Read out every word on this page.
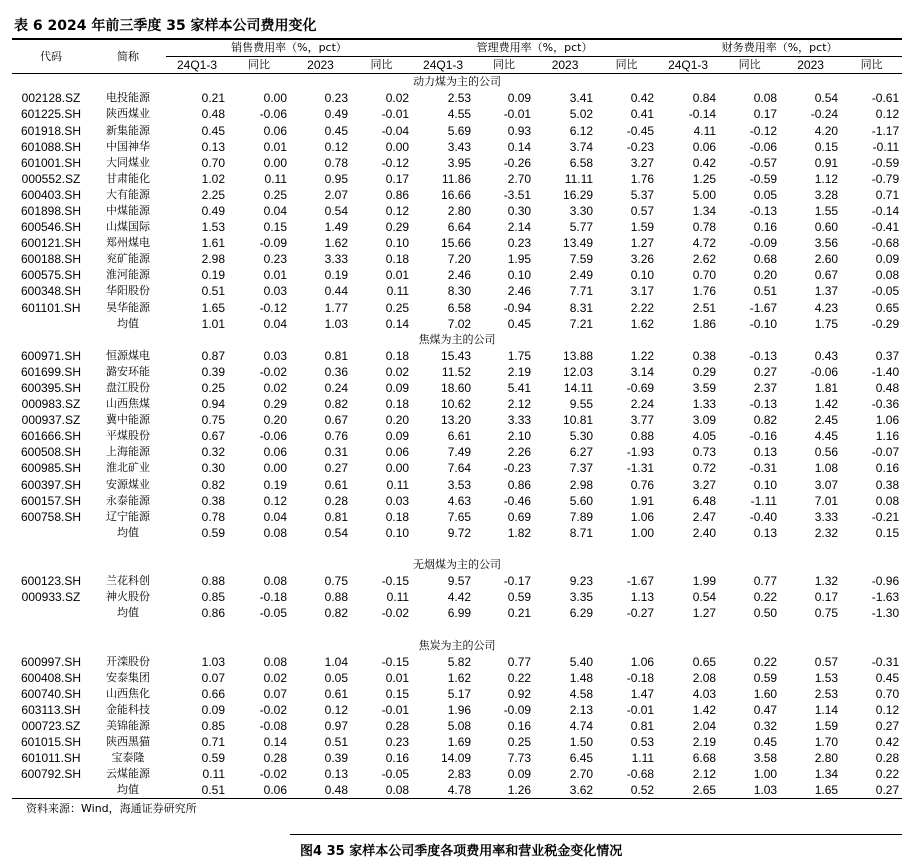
表 6 2024 年前三季度 35 家样本公司费用变化
代码	简称	销售费用率（%，pct）				管理费用率（%，pct）				财务费用率（%，pct）			
		24Q1-3	同比	2023	同比	24Q1-3	同比	2023	同比	24Q1-3	同比	2023	同比
动力煤为主的公司													
002128.SZ	电投能源	0.21	0.00	0.23	0.02	2.53	0.09	3.41	0.42	0.84	0.08	0.54	-0.61
601225.SH	陕西煤业	0.48	-0.06	0.49	-0.01	4.55	-0.01	5.02	0.41	-0.14	0.17	-0.24	0.12
601918.SH	新集能源	0.45	0.06	0.45	-0.04	5.69	0.93	6.12	-0.45	4.11	-0.12	4.20	-1.17
601088.SH	中国神华	0.13	0.01	0.12	0.00	3.43	0.14	3.74	-0.23	0.06	-0.06	0.15	-0.11
601001.SH	大同煤业	0.70	0.00	0.78	-0.12	3.95	-0.26	6.58	3.27	0.42	-0.57	0.91	-0.59
000552.SZ	甘肃能化	1.02	0.11	0.95	0.17	11.86	2.70	11.11	1.76	1.25	-0.59	1.12	-0.79
600403.SH	大有能源	2.25	0.25	2.07	0.86	16.66	-3.51	16.29	5.37	5.00	0.05	3.28	0.71
601898.SH	中煤能源	0.49	0.04	0.54	0.12	2.80	0.30	3.30	0.57	1.34	-0.13	1.55	-0.14
600546.SH	山煤国际	1.53	0.15	1.49	0.29	6.64	2.14	5.77	1.59	0.78	0.16	0.60	-0.41
600121.SH	郑州煤电	1.61	-0.09	1.62	0.10	15.66	0.23	13.49	1.27	4.72	-0.09	3.56	-0.68
600188.SH	兖矿能源	2.98	0.23	3.33	0.18	7.20	1.95	7.59	3.26	2.62	0.68	2.60	0.09
600575.SH	淮河能源	0.19	0.01	0.19	0.01	2.46	0.10	2.49	0.10	0.70	0.20	0.67	0.08
600348.SH	华阳股份	0.51	0.03	0.44	0.11	8.30	2.46	7.71	3.17	1.76	0.51	1.37	-0.05
601101.SH	昊华能源	1.65	-0.12	1.77	0.25	6.58	-0.94	8.31	2.22	2.51	-1.67	4.23	0.65
	均值	1.01	0.04	1.03	0.14	7.02	0.45	7.21	1.62	1.86	-0.10	1.75	-0.29
焦煤为主的公司													
600971.SH	恒源煤电	0.87	0.03	0.81	0.18	15.43	1.75	13.88	1.22	0.38	-0.13	0.43	0.37
601699.SH	潞安环能	0.39	-0.02	0.36	0.02	11.52	2.19	12.03	3.14	0.29	0.27	-0.06	-1.40
600395.SH	盘江股份	0.25	0.02	0.24	0.09	18.60	5.41	14.11	-0.69	3.59	2.37	1.81	0.48
000983.SZ	山西焦煤	0.94	0.29	0.82	0.18	10.62	2.12	9.55	2.24	1.33	-0.13	1.42	-0.36
000937.SZ	冀中能源	0.75	0.20	0.67	0.20	13.20	3.33	10.81	3.77	3.09	0.82	2.45	1.06
601666.SH	平煤股份	0.67	-0.06	0.76	0.09	6.61	2.10	5.30	0.88	4.05	-0.16	4.45	1.16
600508.SH	上海能源	0.32	0.06	0.31	0.06	7.49	2.26	6.27	-1.93	0.73	0.13	0.56	-0.07
600985.SH	淮北矿业	0.30	0.00	0.27	0.00	7.64	-0.23	7.37	-1.31	0.72	-0.31	1.08	0.16
600397.SH	安源煤业	0.82	0.19	0.61	0.11	3.53	0.86	2.98	0.76	3.27	0.10	3.07	0.38
600157.SH	永泰能源	0.38	0.12	0.28	0.03	4.63	-0.46	5.60	1.91	6.48	-1.11	7.01	0.08
600758.SH	辽宁能源	0.78	0.04	0.81	0.18	7.65	0.69	7.89	1.06	2.47	-0.40	3.33	-0.21
	均值	0.59	0.08	0.54	0.10	9.72	1.82	8.71	1.00	2.40	0.13	2.32	0.15

无烟煤为主的公司													
600123.SH	兰花科创	0.88	0.08	0.75	-0.15	9.57	-0.17	9.23	-1.67	1.99	0.77	1.32	-0.96
000933.SZ	神火股份	0.85	-0.18	0.88	0.11	4.42	0.59	3.35	1.13	0.54	0.22	0.17	-1.63
	均值	0.86	-0.05	0.82	-0.02	6.99	0.21	6.29	-0.27	1.27	0.50	0.75	-1.30

焦炭为主的公司													
600997.SH	开滦股份	1.03	0.08	1.04	-0.15	5.82	0.77	5.40	1.06	0.65	0.22	0.57	-0.31
600408.SH	安泰集团	0.07	0.02	0.05	0.01	1.62	0.22	1.48	-0.18	2.08	0.59	1.53	0.45
600740.SH	山西焦化	0.66	0.07	0.61	0.15	5.17	0.92	4.58	1.47	4.03	1.60	2.53	0.70
603113.SH	金能科技	0.09	-0.02	0.12	-0.01	1.96	-0.09	2.13	-0.01	1.42	0.47	1.14	0.12
000723.SZ	美锦能源	0.85	-0.08	0.97	0.28	5.08	0.16	4.74	0.81	2.04	0.32	1.59	0.27
601015.SH	陕西黑猫	0.71	0.14	0.51	0.23	1.69	0.25	1.50	0.53	2.19	0.45	1.70	0.42
601011.SH	宝泰隆	0.59	0.28	0.39	0.16	14.09	7.73	6.45	1.11	6.68	3.58	2.80	0.28
600792.SH	云煤能源	0.11	-0.02	0.13	-0.05	2.83	0.09	2.70	-0.68	2.12	1.00	1.34	0.22
	均值	0.51	0.06	0.48	0.08	4.78	1.26	3.62	0.52	2.65	1.03	1.65	0.27
资料来源：Wind，海通证券研究所
图4 35 家样本公司季度各项费用率和营业税金变化情况
